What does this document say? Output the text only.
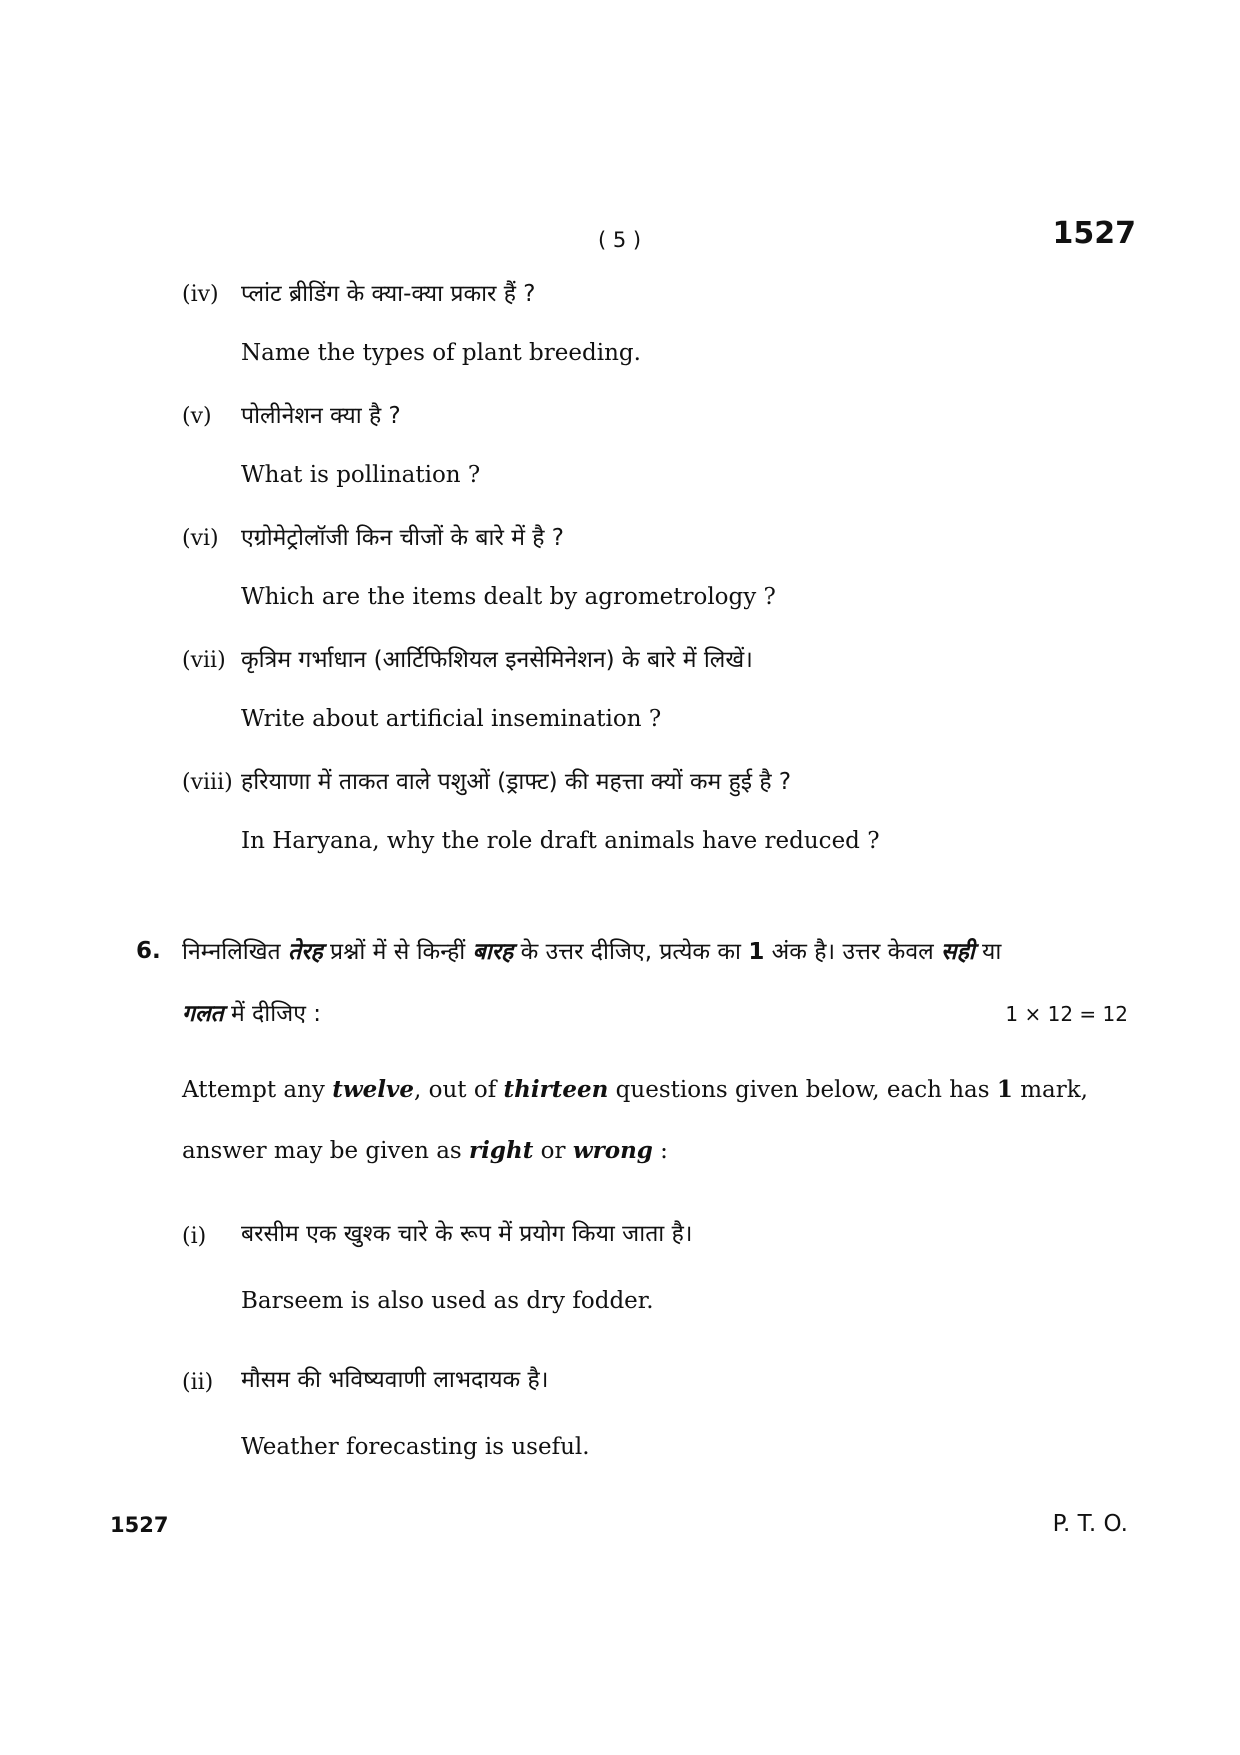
( 5 )	1527
(iv) प्लांट ब्रीडिंग के क्या-क्या प्रकार हैं ?
Name the types of plant breeding.
(v) पोलीनेशन क्या है ?
What is pollination ?
(vi) एग्रोमेट्रोलॉजी किन चीजों के बारे में है ?
Which are the items dealt by agrometrology ?
(vii) कृत्रिम गर्भाधान (आर्टिफिशियल इनसेमिनेशन) के बारे में लिखें।
Write about artificial insemination ?
(viii) हरियाणा में ताकत वाले पशुओं (ड्राफ्ट) की महत्ता क्यों कम हुई है ?
In Haryana, why the role draft animals have reduced ?
6. निम्नलिखित तेरह प्रश्नों में से किन्हीं बारह के उत्तर दीजिए, प्रत्येक का 1 अंक है। उत्तर केवल सही या
गलत में दीजिए :	1 × 12 = 12
Attempt any twelve, out of thirteen questions given below, each has 1 mark,
answer may be given as right or wrong :
(i) बरसीम एक खुश्क चारे के रूप में प्रयोग किया जाता है।
Barseem is also used as dry fodder.
(ii) मौसम की भविष्यवाणी लाभदायक है।
Weather forecasting is useful.
1527	P. T. O.
